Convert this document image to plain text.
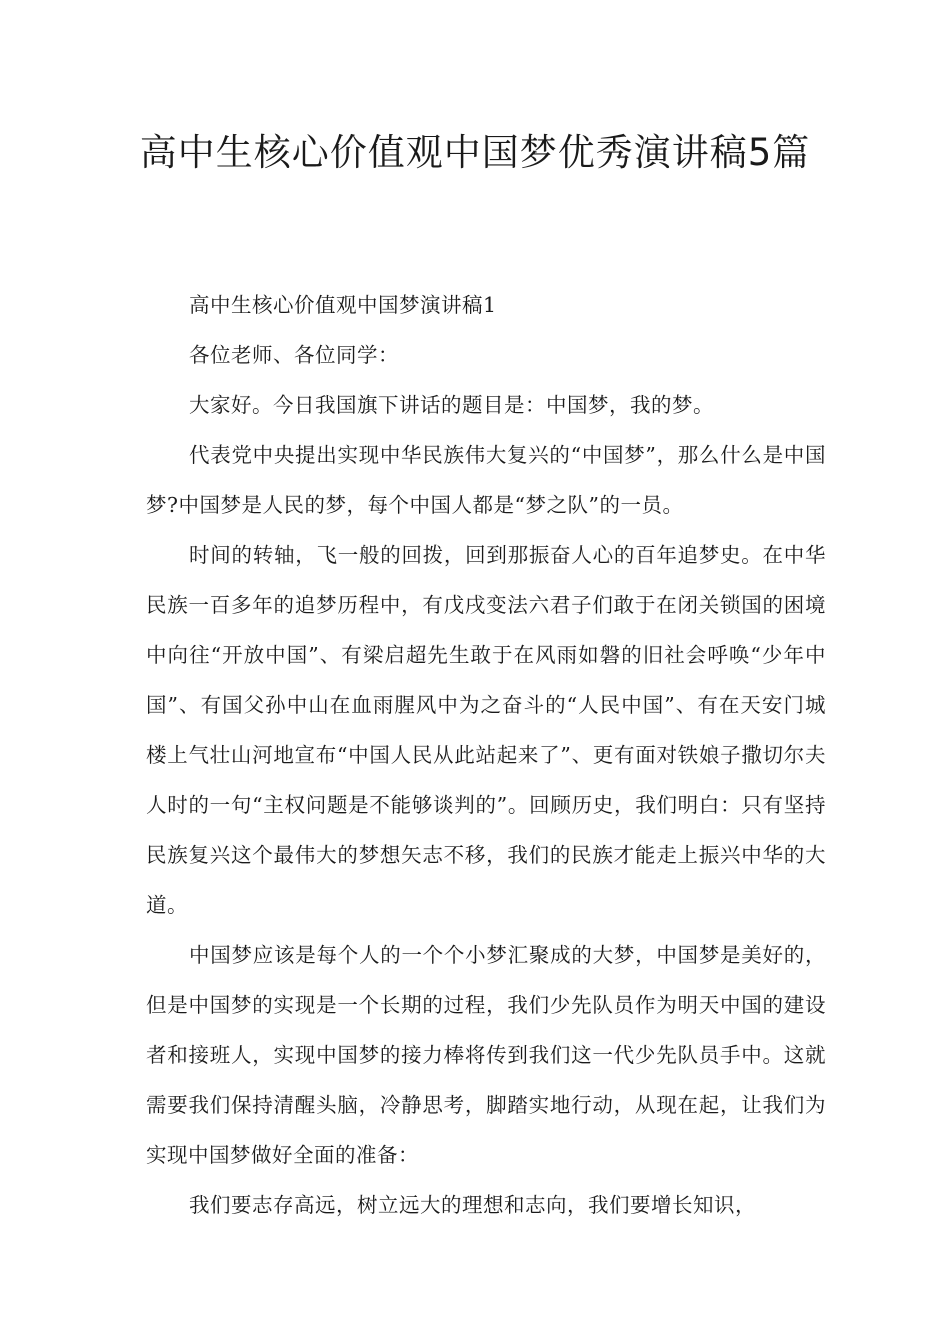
高中生核心价值观中国梦优秀演讲稿5篇

高中生核心价值观中国梦演讲稿1

各位老师、各位同学：

大家好。今日我国旗下讲话的题目是：中国梦，我的梦。

代表党中央提出实现中华民族伟大复兴的“中国梦”，那么什么是中国梦?中国梦是人民的梦，每个中国人都是“梦之队”的一员。

时间的转轴，飞一般的回拨，回到那振奋人心的百年追梦史。在中华民族一百多年的追梦历程中，有戊戌变法六君子们敢于在闭关锁国的困境中向往“开放中国”、有梁启超先生敢于在风雨如磐的旧社会呼唤“少年中国”、有国父孙中山在血雨腥风中为之奋斗的“人民中国”、有在天安门城楼上气壮山河地宣布“中国人民从此站起来了”、更有面对铁娘子撒切尔夫人时的一句“主权问题是不能够谈判的”。回顾历史，我们明白：只有坚持民族复兴这个最伟大的梦想矢志不移，我们的民族才能走上振兴中华的大道。

中国梦应该是每个人的一个个小梦汇聚成的大梦，中国梦是美好的，但是中国梦的实现是一个长期的过程，我们少先队员作为明天中国的建设者和接班人，实现中国梦的接力棒将传到我们这一代少先队员手中。这就需要我们保持清醒头脑，冷静思考，脚踏实地行动，从现在起，让我们为实现中国梦做好全面的准备：

我们要志存高远，树立远大的理想和志向，我们要增长知识，
